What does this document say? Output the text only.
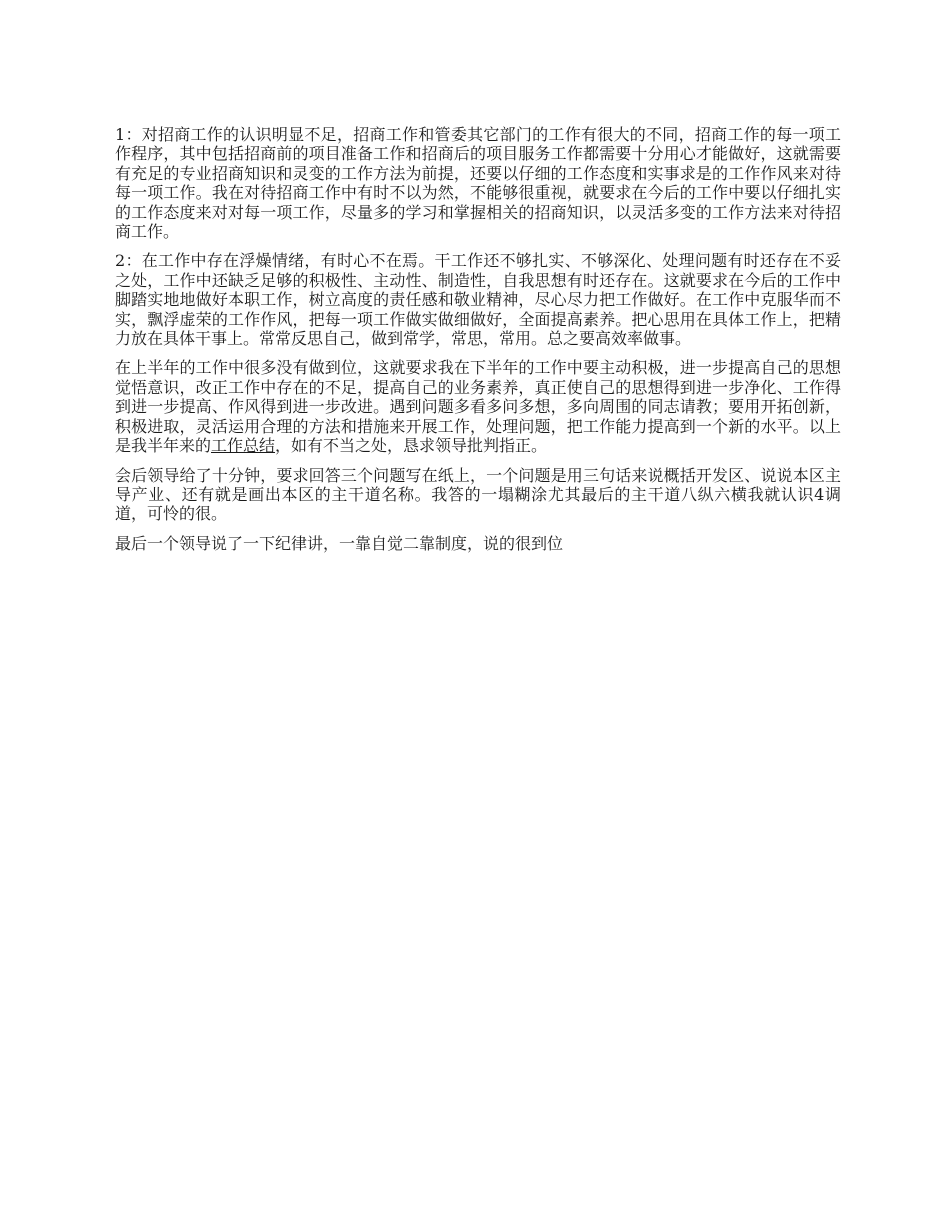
1：对招商工作的认识明显不足，招商工作和管委其它部门的工作有很大的不同，招商工作的每一项工作程序，其中包括招商前的项目准备工作和招商后的项目服务工作都需要十分用心才能做好，这就需要有充足的专业招商知识和灵变的工作方法为前提，还要以仔细的工作态度和实事求是的工作作风来对待每一项工作。我在对待招商工作中有时不以为然，不能够很重视，就要求在今后的工作中要以仔细扎实的工作态度来对对每一项工作，尽量多的学习和掌握相关的招商知识，以灵活多变的工作方法来对待招商工作。

2：在工作中存在浮燥情绪，有时心不在焉。干工作还不够扎实、不够深化、处理问题有时还存在不妥之处，工作中还缺乏足够的积极性、主动性、制造性，自我思想有时还存在。这就要求在今后的工作中脚踏实地地做好本职工作，树立高度的责任感和敬业精神，尽心尽力把工作做好。在工作中克服华而不实，飘浮虚荣的工作作风，把每一项工作做实做细做好，全面提高素养。把心思用在具体工作上，把精力放在具体干事上。常常反思自己，做到常学，常思，常用。总之要高效率做事。

在上半年的工作中很多没有做到位，这就要求我在下半年的工作中要主动积极，进一步提高自己的思想觉悟意识，改正工作中存在的不足，提高自己的业务素养，真正使自己的思想得到进一步净化、工作得到进一步提高、作风得到进一步改进。遇到问题多看多问多想，多向周围的同志请教；要用开拓创新，积极进取，灵活运用合理的方法和措施来开展工作，处理问题，把工作能力提高到一个新的水平。以上是我半年来的工作总结，如有不当之处，恳求领导批判指正。

会后领导给了十分钟，要求回答三个问题写在纸上，一个问题是用三句话来说概括开发区、说说本区主导产业、还有就是画出本区的主干道名称。我答的一塌糊涂尤其最后的主干道八纵六横我就认识4调道，可怜的很。

最后一个领导说了一下纪律讲，一靠自觉二靠制度，说的很到位
